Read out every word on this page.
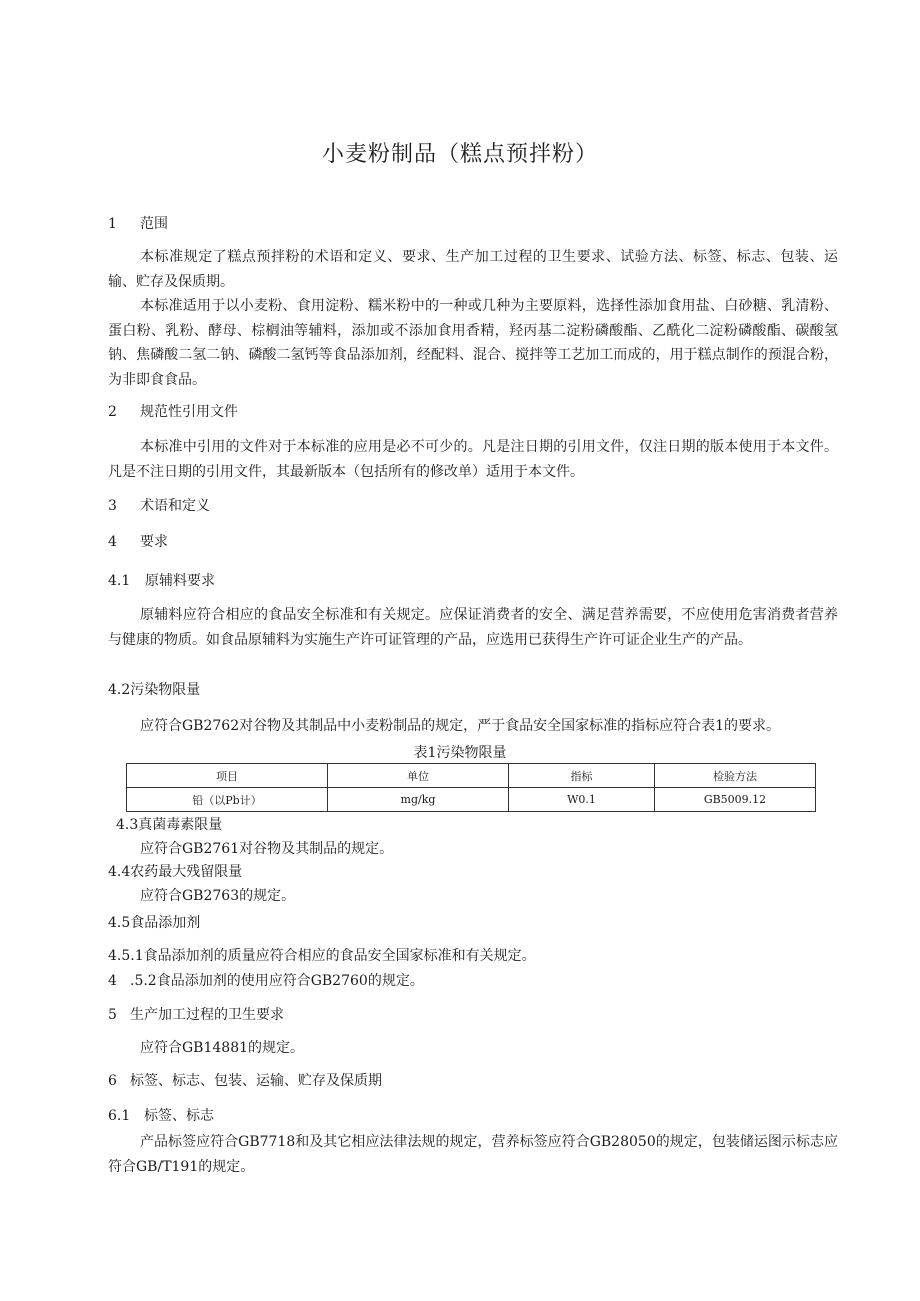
小麦粉制品（糕点预拌粉）
1 范围
本标准规定了糕点预拌粉的术语和定义、要求、生产加工过程的卫生要求、试验方法、标签、标志、包装、运输、贮存及保质期。
本标准适用于以小麦粉、食用淀粉、糯米粉中的一种或几种为主要原料，选择性添加食用盐、白砂糖、乳清粉、蛋白粉、乳粉、酵母、棕榈油等辅料，添加或不添加食用香精，羟丙基二淀粉磷酸酯、乙酰化二淀粉磷酸酯、碳酸氢钠、焦磷酸二氢二钠、磷酸二氢钙等食品添加剂，经配料、混合、搅拌等工艺加工而成的，用于糕点制作的预混合粉，为非即食食品。
2 规范性引用文件
本标准中引用的文件对于本标准的应用是必不可少的。凡是注日期的引用文件，仅注日期的版本使用于本文件。凡是不注日期的引用文件，其最新版本（包括所有的修改单）适用于本文件。
3 术语和定义
4 要求
4.1 原辅料要求
原辅料应符合相应的食品安全标准和有关规定。应保证消费者的安全、满足营养需要，不应使用危害消费者营养与健康的物质。如食品原辅料为实施生产许可证管理的产品，应选用已获得生产许可证企业生产的产品。
4.2污染物限量
应符合GB2762对谷物及其制品中小麦粉制品的规定，严于食品安全国家标准的指标应符合表1的要求。
表1污染物限量
项目	单位	指标	检验方法
铅（以Pb计）	mg/kg	W0.1	GB5009.12
4.3真菌毒素限量
应符合GB2761对谷物及其制品的规定。
4.4农药最大残留限量
应符合GB2763的规定。
4.5食品添加剂
4.5.1食品添加剂的质量应符合相应的食品安全国家标准和有关规定。
4 .5.2食品添加剂的使用应符合GB2760的规定。
5 生产加工过程的卫生要求
应符合GB14881的规定。
6 标签、标志、包装、运输、贮存及保质期
6.1 标签、标志
产品标签应符合GB7718和及其它相应法律法规的规定，营养标签应符合GB28050的规定，包装储运图示标志应符合GB/T191的规定。
